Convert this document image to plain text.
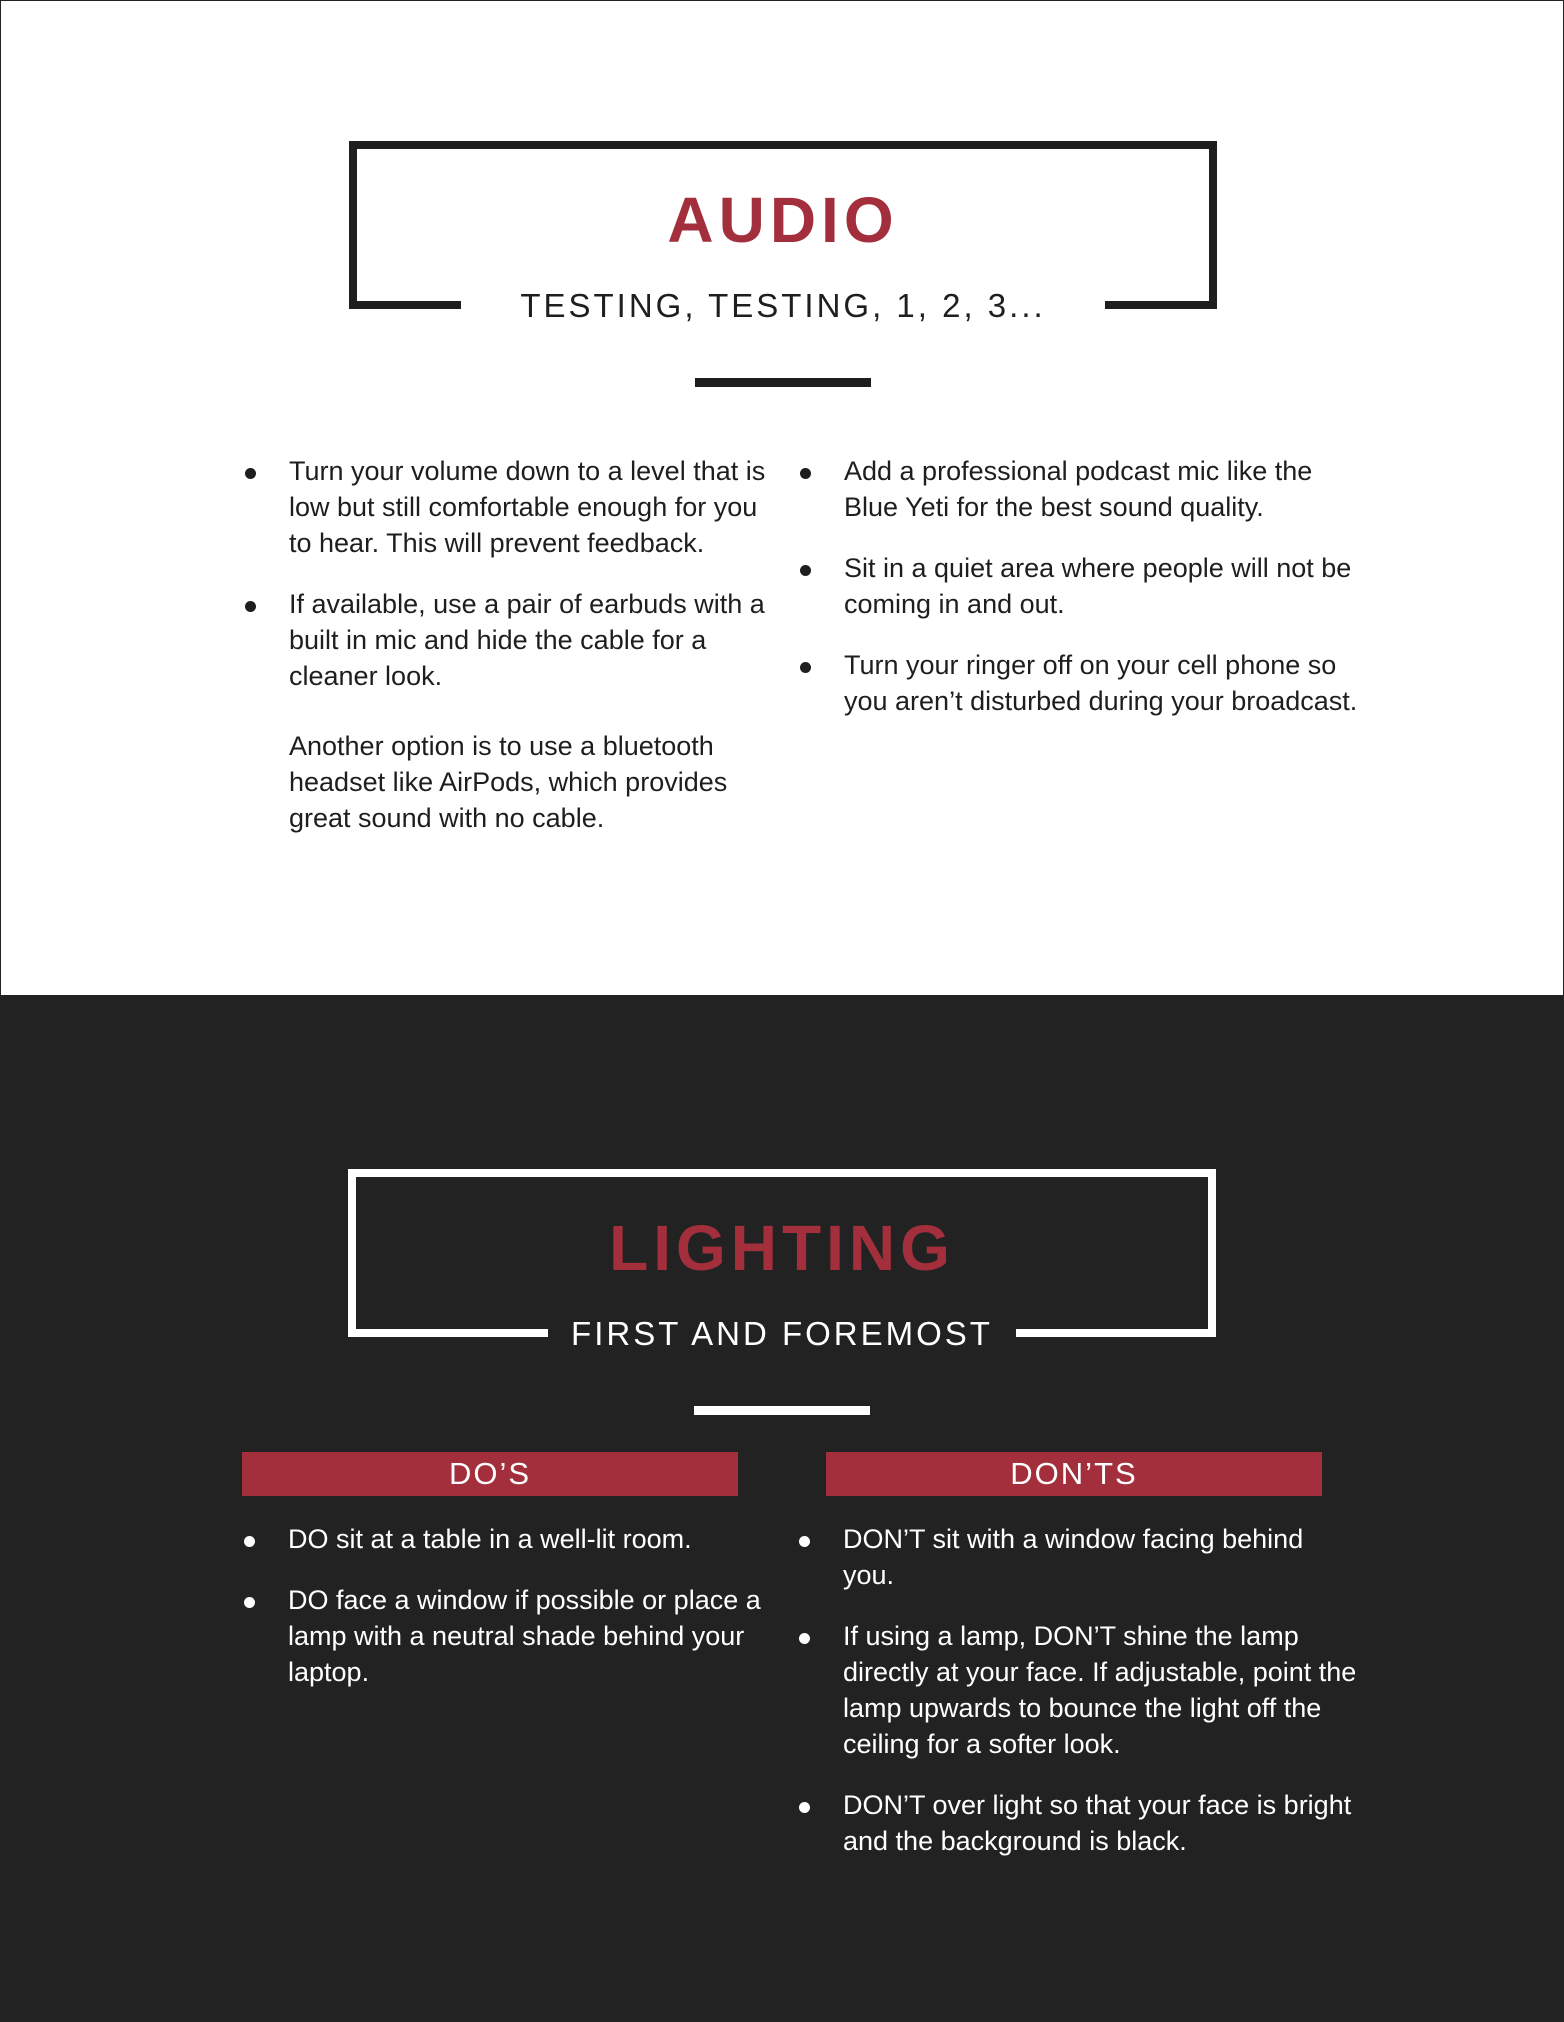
AUDIO
TESTING, TESTING, 1, 2, 3...
Turn your volume down to a level that is low but still comfortable enough for you to hear. This will prevent feedback.
If available, use a pair of earbuds with a built in mic and hide the cable for a cleaner look.
Another option is to use a bluetooth headset like AirPods, which provides great sound with no cable.
Add a professional podcast mic like the Blue Yeti for the best sound quality.
Sit in a quiet area where people will not be coming in and out.
Turn your ringer off on your cell phone so you aren’t disturbed during your broadcast.
LIGHTING
FIRST AND FOREMOST
DO’S	DON’TS
DO sit at a table in a well-lit room.
DO face a window if possible or place a lamp with a neutral shade behind your laptop.
DON’T sit with a window facing behind you.
If using a lamp, DON’T shine the lamp directly at your face. If adjustable, point the lamp upwards to bounce the light off the ceiling for a softer look.
DON’T over light so that your face is bright and the background is black.
